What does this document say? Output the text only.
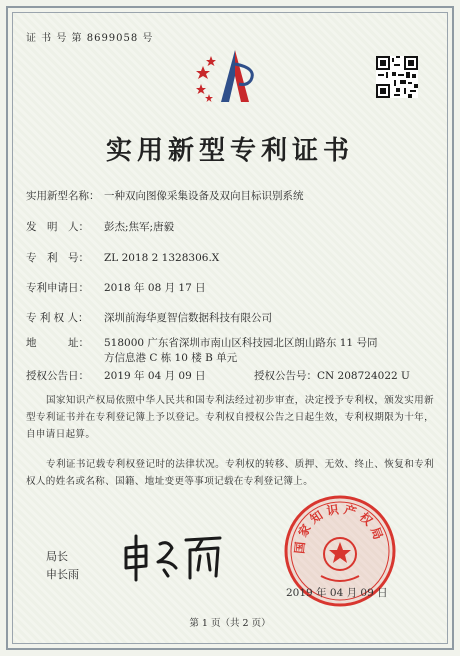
证 书 号 第 8699058 号
实用新型专利证书
实用新型名称： 一种双向图像采集设备及双向目标识别系统
发　明　人： 彭杰;焦军;唐毅
专　利　号： ZL 2018 2 1328306.X
专利申请日： 2018 年 08 月 17 日
专 利 权 人： 深圳前海华夏智信数据科技有限公司
地　　　址： 518000 广东省深圳市南山区科技园北区朗山路东 11 号同
方信息港 C 栋 10 楼 B 单元
授权公告日： 2019 年 04 月 09 日	授权公告号：CN 208724022 U
国家知识产权局依照中华人民共和国专利法经过初步审查，决定授予专利权，颁发实用新型专利证书并在专利登记簿上予以登记。专利权自授权公告之日起生效，专利权期限为十年，自申请日起算。
专利证书记载专利权登记时的法律状况。专利权的转移、质押、无效、终止、恢复和专利权人的姓名或名称、国籍、地址变更等事项记载在专利登记簿上。
局长
申长雨
国家知识产权局
2019 年 04 月 09 日
第 1 页（共 2 页）
